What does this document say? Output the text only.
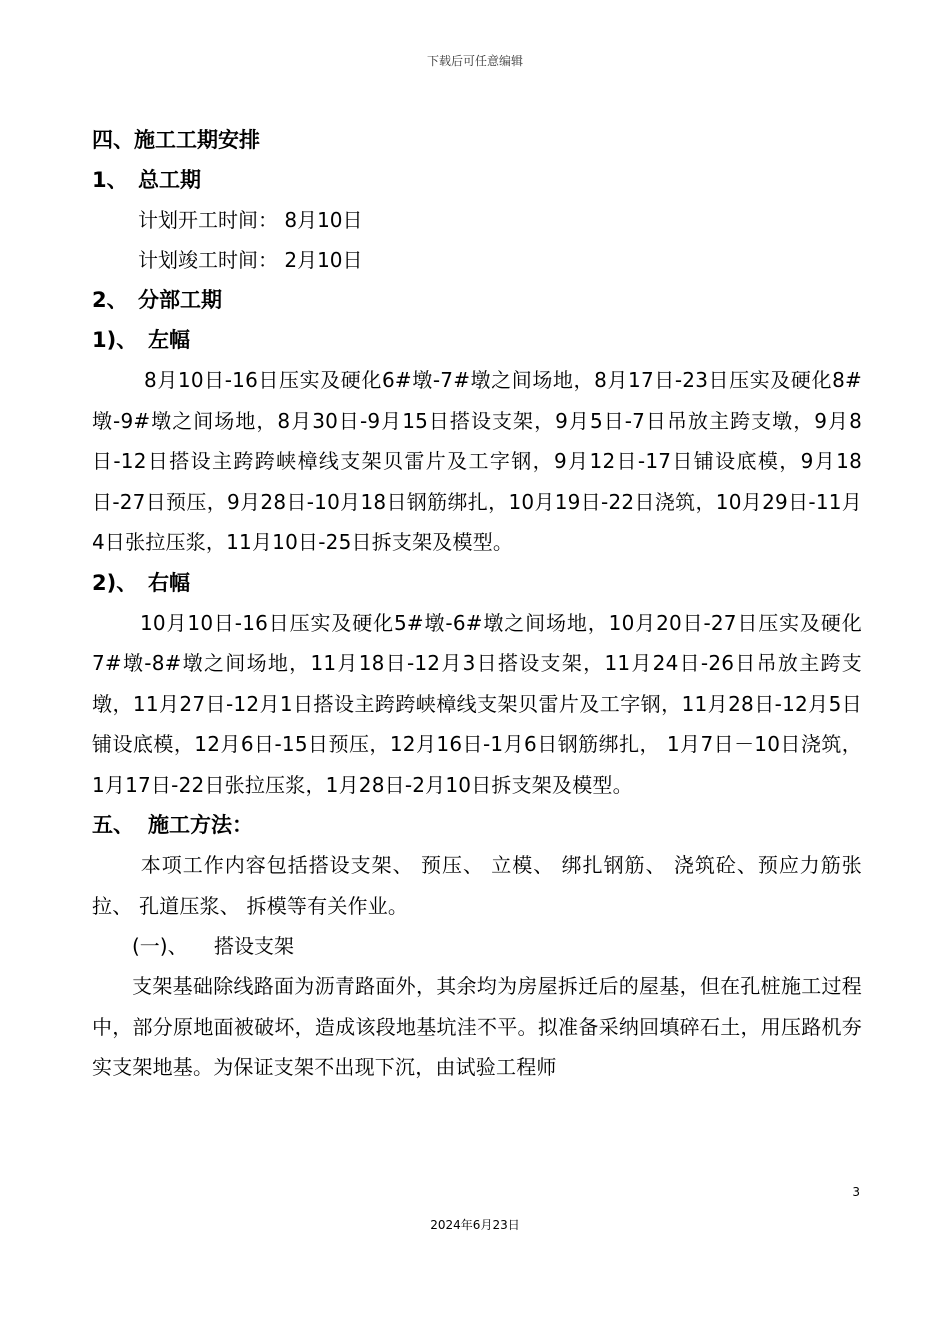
下载后可任意编辑

四、施工工期安排

1、 总工期

计划开工时间： 8月10日

计划竣工时间： 2月10日

2、 分部工期

1)、 左幅

8月10日-16日压实及硬化6#墩-7#墩之间场地，8月17日-23日压实及硬化8#墩-9#墩之间场地，8月30日-9月15日搭设支架，9月5日-7日吊放主跨支墩，9月8日-12日搭设主跨跨峡樟线支架贝雷片及工字钢，9月12日-17日铺设底模，9月18日-27日预压，9月28日-10月18日钢筋绑扎，10月19日-22日浇筑，10月29日-11月4日张拉压浆，11月10日-25日拆支架及模型。

2)、 右幅

10月10日-16日压实及硬化5#墩-6#墩之间场地，10月20日-27日压实及硬化7#墩-8#墩之间场地，11月18日-12月3日搭设支架，11月24日-26日吊放主跨支墩，11月27日-12月1日搭设主跨跨峡樟线支架贝雷片及工字钢，11月28日-12月5日铺设底模，12月6日-15日预压，12月16日-1月6日钢筋绑扎， 1月7日－10日浇筑，1月17日-22日张拉压浆，1月28日-2月10日拆支架及模型。

五、 施工方法：

本项工作内容包括搭设支架、 预压、 立模、 绑扎钢筋、 浇筑砼、预应力筋张拉、 孔道压浆、 拆模等有关作业。

(一)、 搭设支架

支架基础除线路面为沥青路面外，其余均为房屋拆迁后的屋基，但在孔桩施工过程中，部分原地面被破坏，造成该段地基坑洼不平。拟准备采纳回填碎石土，用压路机夯实支架地基。为保证支架不出现下沉，由试验工程师

3
2024年6月23日
